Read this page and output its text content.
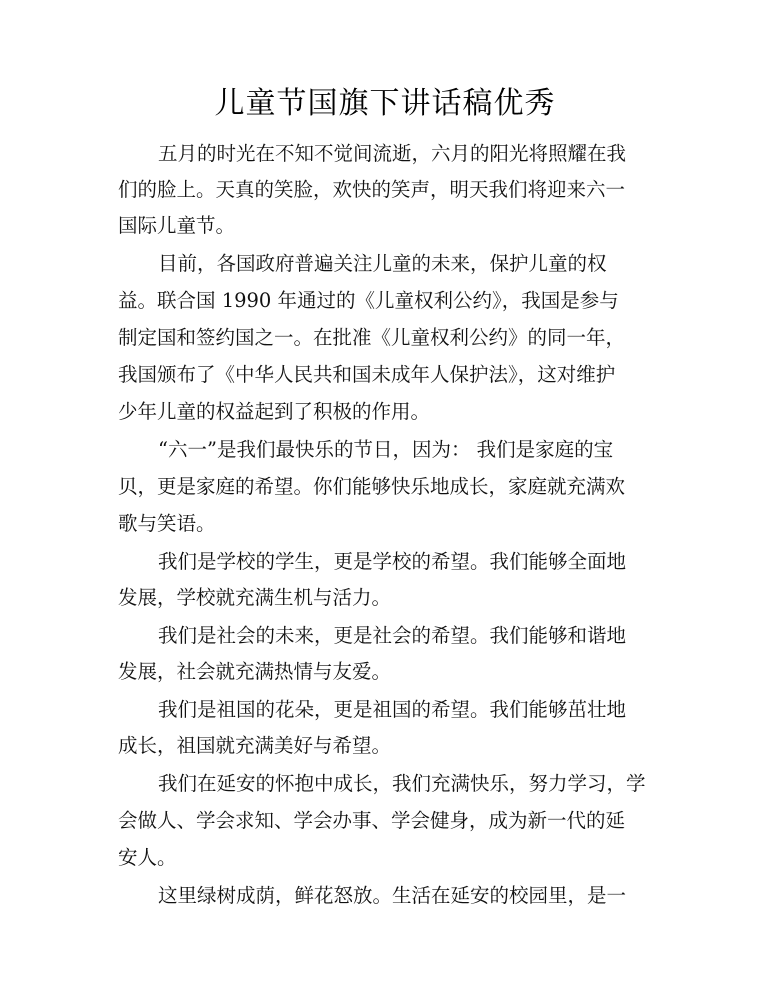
儿童节国旗下讲话稿优秀
五月的时光在不知不觉间流逝，六月的阳光将照耀在我
们的脸上。天真的笑脸，欢快的笑声，明天我们将迎来六一
国际儿童节。
目前，各国政府普遍关注儿童的未来，保护儿童的权
益。联合国 1990 年通过的《儿童权利公约》，我国是参与
制定国和签约国之一。在批准《儿童权利公约》的同一年，
我国颁布了《中华人民共和国未成年人保护法》，这对维护
少年儿童的权益起到了积极的作用。
“六一”是我们最快乐的节日，因为： 我们是家庭的宝
贝，更是家庭的希望。你们能够快乐地成长，家庭就充满欢
歌与笑语。
我们是学校的学生，更是学校的希望。我们能够全面地
发展，学校就充满生机与活力。
我们是社会的未来，更是社会的希望。我们能够和谐地
发展，社会就充满热情与友爱。
我们是祖国的花朵，更是祖国的希望。我们能够茁壮地
成长，祖国就充满美好与希望。
我们在延安的怀抱中成长，我们充满快乐，努力学习，学
会做人、学会求知、学会办事、学会健身，成为新一代的延
安人。
这里绿树成荫，鲜花怒放。生活在延安的校园里，是一
